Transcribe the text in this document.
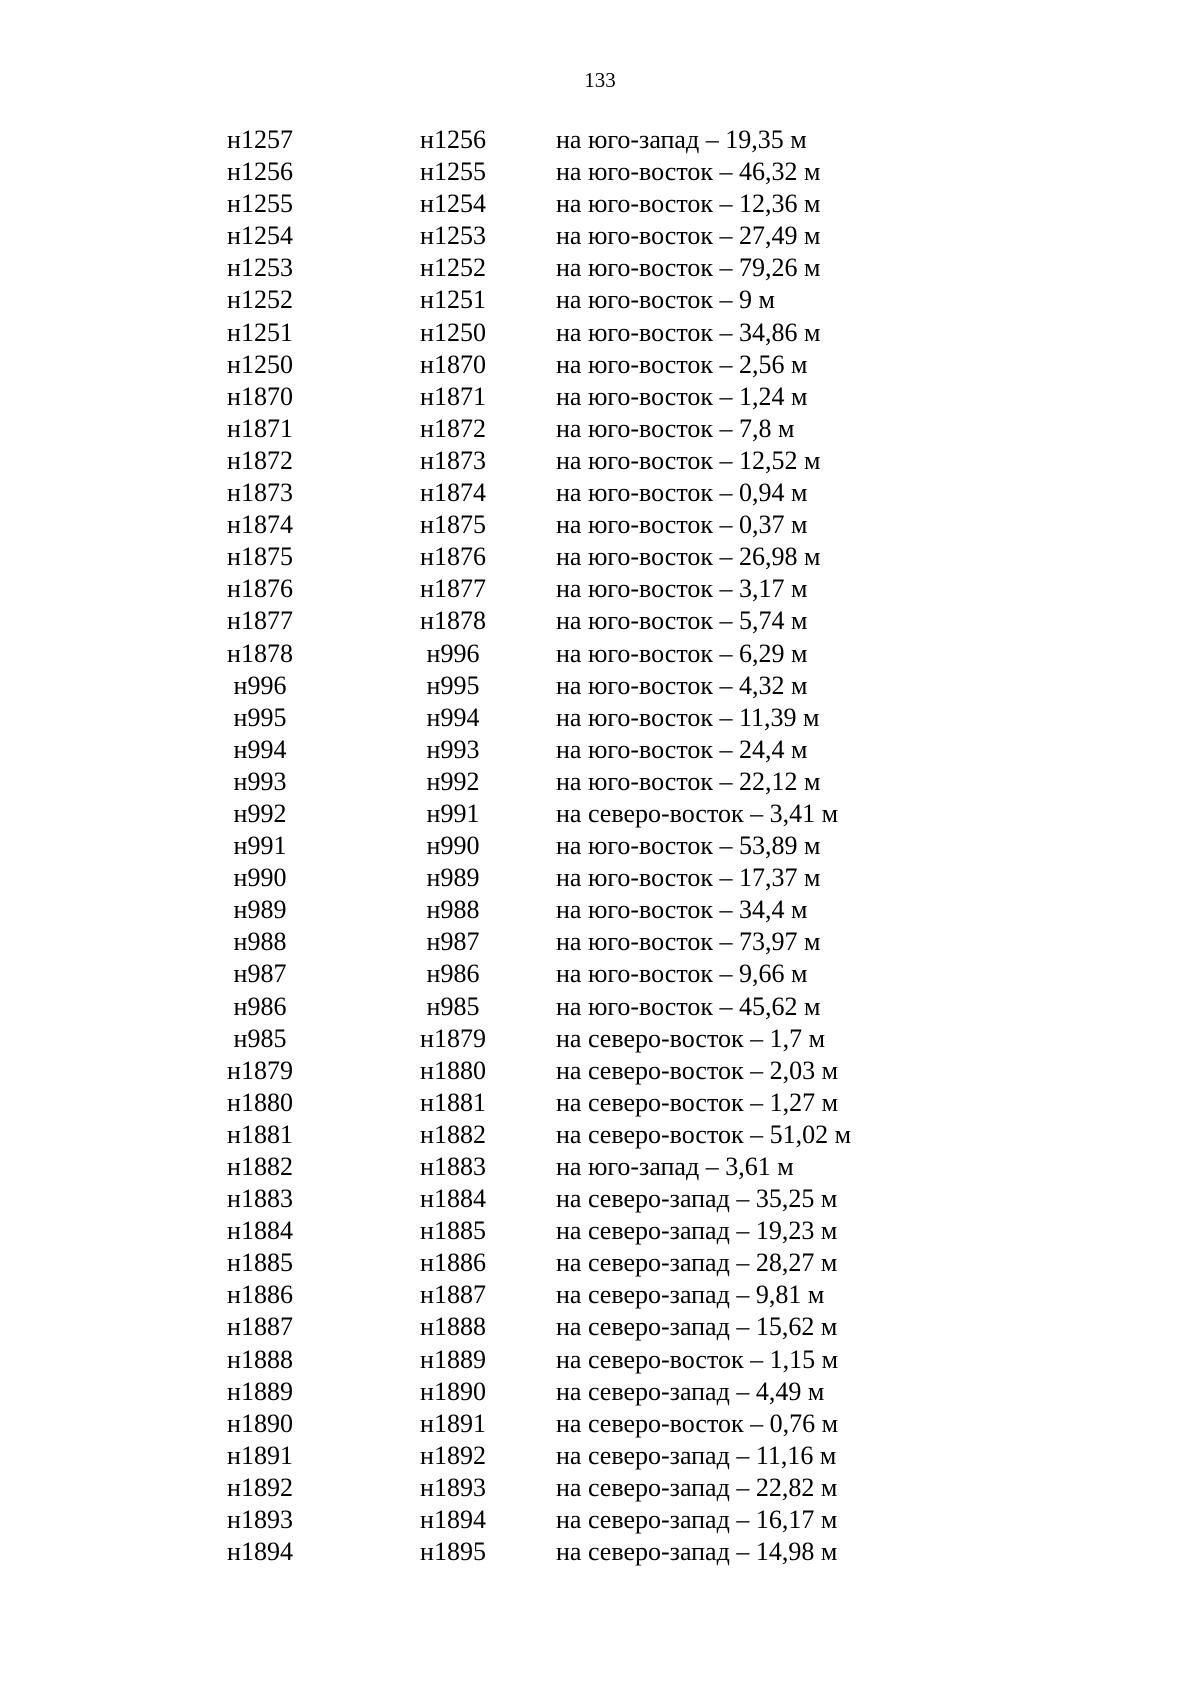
133
н1257	н1256	на юго-запад – 19,35 м
н1256	н1255	на юго-восток – 46,32 м
н1255	н1254	на юго-восток – 12,36 м
н1254	н1253	на юго-восток – 27,49 м
н1253	н1252	на юго-восток – 79,26 м
н1252	н1251	на юго-восток – 9 м
н1251	н1250	на юго-восток – 34,86 м
н1250	н1870	на юго-восток – 2,56 м
н1870	н1871	на юго-восток – 1,24 м
н1871	н1872	на юго-восток – 7,8 м
н1872	н1873	на юго-восток – 12,52 м
н1873	н1874	на юго-восток – 0,94 м
н1874	н1875	на юго-восток – 0,37 м
н1875	н1876	на юго-восток – 26,98 м
н1876	н1877	на юго-восток – 3,17 м
н1877	н1878	на юго-восток – 5,74 м
н1878	н996	на юго-восток – 6,29 м
н996	н995	на юго-восток – 4,32 м
н995	н994	на юго-восток – 11,39 м
н994	н993	на юго-восток – 24,4 м
н993	н992	на юго-восток – 22,12 м
н992	н991	на северо-восток – 3,41 м
н991	н990	на юго-восток – 53,89 м
н990	н989	на юго-восток – 17,37 м
н989	н988	на юго-восток – 34,4 м
н988	н987	на юго-восток – 73,97 м
н987	н986	на юго-восток – 9,66 м
н986	н985	на юго-восток – 45,62 м
н985	н1879	на северо-восток – 1,7 м
н1879	н1880	на северо-восток – 2,03 м
н1880	н1881	на северо-восток – 1,27 м
н1881	н1882	на северо-восток – 51,02 м
н1882	н1883	на юго-запад – 3,61 м
н1883	н1884	на северо-запад – 35,25 м
н1884	н1885	на северо-запад – 19,23 м
н1885	н1886	на северо-запад – 28,27 м
н1886	н1887	на северо-запад – 9,81 м
н1887	н1888	на северо-запад – 15,62 м
н1888	н1889	на северо-восток – 1,15 м
н1889	н1890	на северо-запад – 4,49 м
н1890	н1891	на северо-восток – 0,76 м
н1891	н1892	на северо-запад – 11,16 м
н1892	н1893	на северо-запад – 22,82 м
н1893	н1894	на северо-запад – 16,17 м
н1894	н1895	на северо-запад – 14,98 м
